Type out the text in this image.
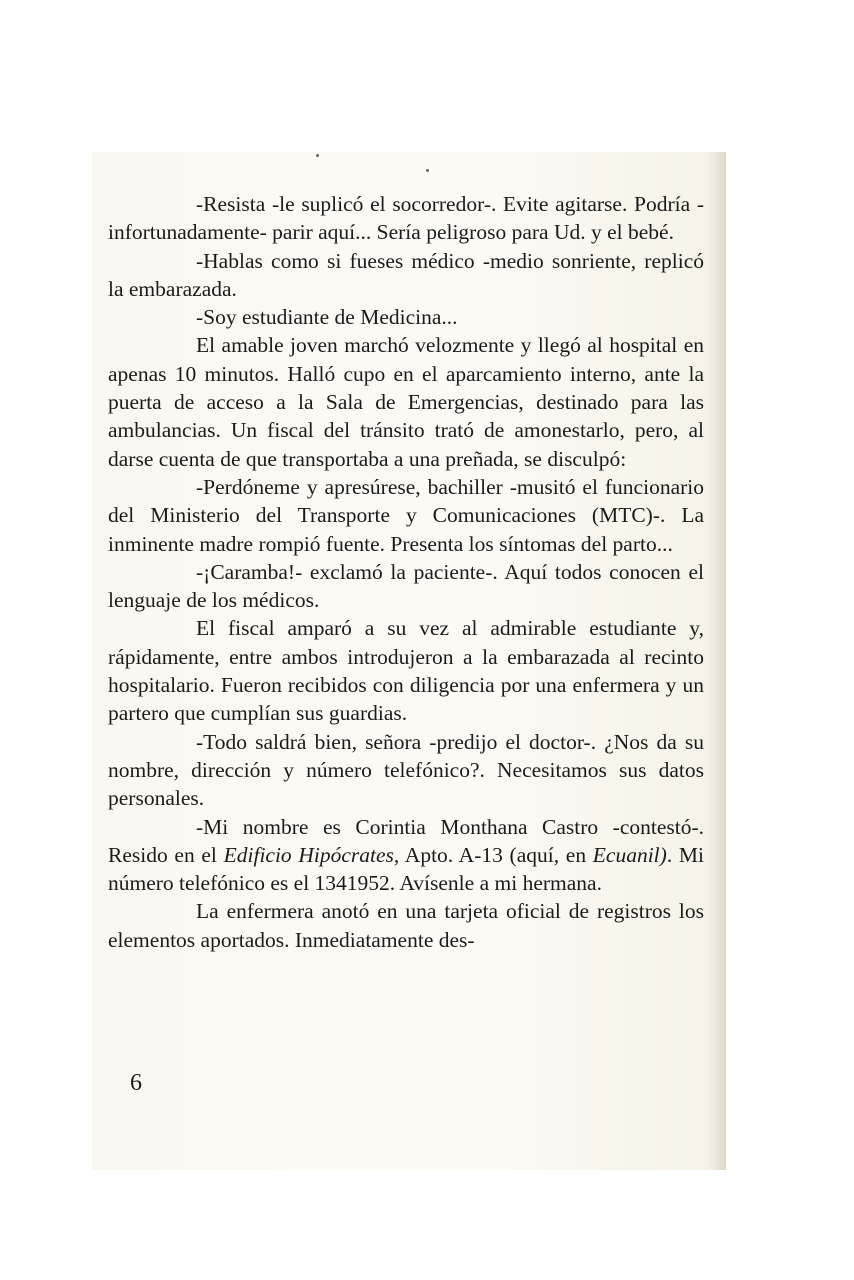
-Resista -le suplicó el socorredor-. Evite agitarse. Podría -infortunadamente- parir aquí... Sería peligroso para Ud. y el bebé.

-Hablas como si fueses médico -medio sonriente, replicó la embarazada.

-Soy estudiante de Medicina...

El amable joven marchó velozmente y llegó al hospital en apenas 10 minutos. Halló cupo en el aparcamiento interno, ante la puerta de acceso a la Sala de Emergencias, destinado para las ambulancias. Un fiscal del tránsito trató de amonestarlo, pero, al darse cuenta de que transportaba a una preñada, se disculpó:

-Perdóneme y apresúrese, bachiller -musitó el funcionario del Ministerio del Transporte y Comunicaciones (MTC)-. La inminente madre rompió fuente. Presenta los síntomas del parto...

-¡Caramba!- exclamó la paciente-. Aquí todos conocen el lenguaje de los médicos.

El fiscal amparó a su vez al admirable estudiante y, rápidamente, entre ambos introdujeron a la embarazada al recinto hospitalario. Fueron recibidos con diligencia por una enfermera y un partero que cumplían sus guardias.

-Todo saldrá bien, señora -predijo el doctor-. ¿Nos da su nombre, dirección y número telefónico?. Necesitamos sus datos personales.

-Mi nombre es Corintia Monthana Castro -contestó-. Resido en el Edificio Hipócrates, Apto. A-13 (aquí, en Ecuanil). Mi número telefónico es el 1341952. Avísenle a mi hermana.

La enfermera anotó en una tarjeta oficial de registros los elementos aportados. Inmediatamente des-

6
